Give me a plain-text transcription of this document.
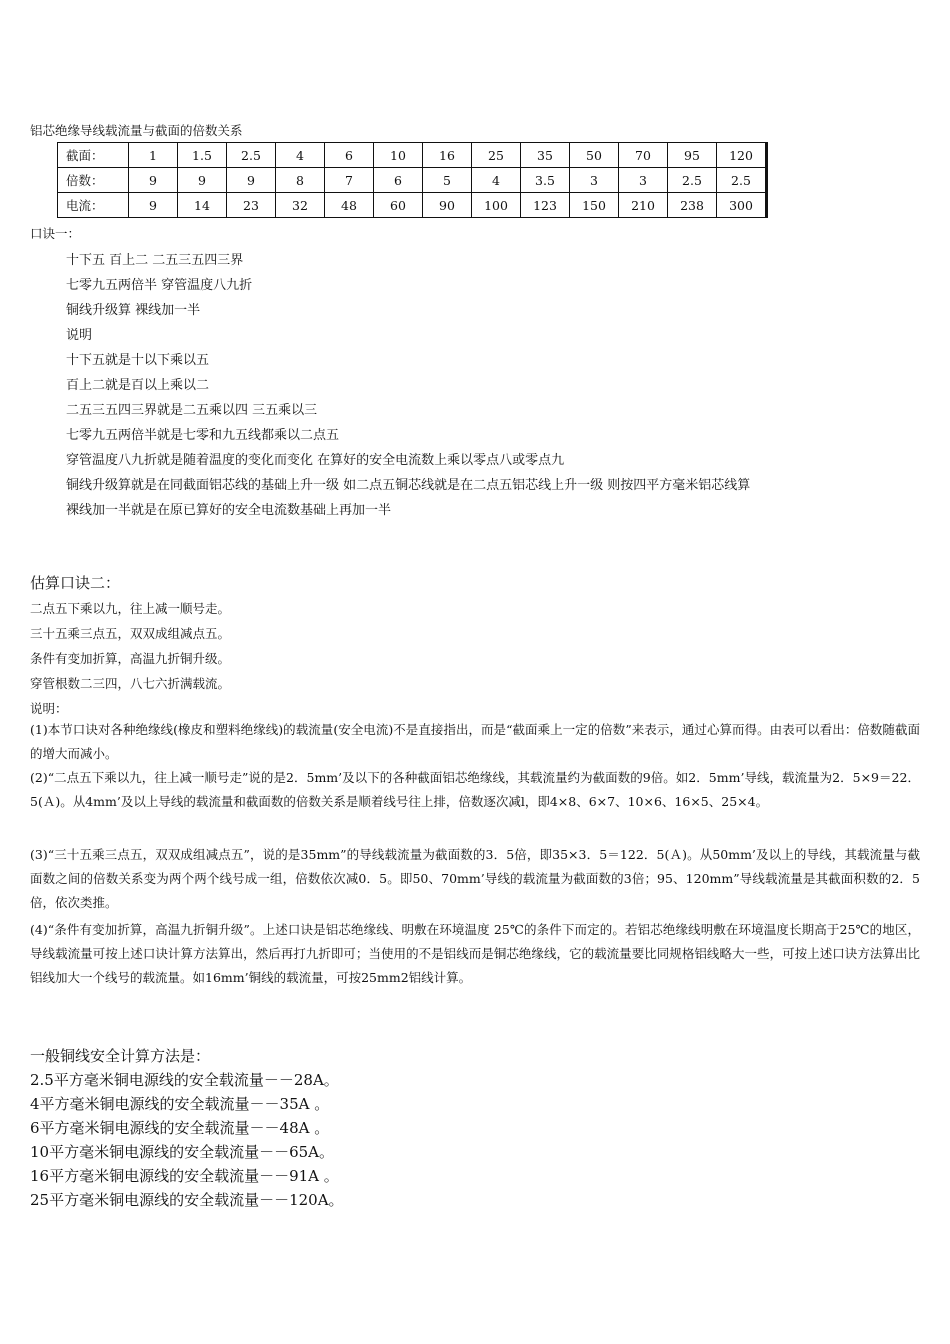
铝芯绝缘导线载流量与截面的倍数关系
截面：	1	1.5	2.5	4	6	10	16	25	35	50	70	95	120
倍数：	9	9	9	8	7	6	5	4	3.5	3	3	2.5	2.5
电流：	9	14	23	32	48	60	90	100	123	150	210	238	300
口诀一：
十下五 百上二 二五三五四三界
七零九五两倍半 穿管温度八九折
铜线升级算 裸线加一半
说明
十下五就是十以下乘以五
百上二就是百以上乘以二
二五三五四三界就是二五乘以四 三五乘以三
七零九五两倍半就是七零和九五线都乘以二点五
穿管温度八九折就是随着温度的变化而变化 在算好的安全电流数上乘以零点八或零点九
铜线升级算就是在同截面铝芯线的基础上升一级 如二点五铜芯线就是在二点五铝芯线上升一级 则按四平方毫米铝芯线算
裸线加一半就是在原已算好的安全电流数基础上再加一半
估算口诀二：
二点五下乘以九，往上减一顺号走。
三十五乘三点五，双双成组减点五。
条件有变加折算，高温九折铜升级。
穿管根数二三四，八七六折满载流。
说明：
(1)本节口诀对各种绝缘线(橡皮和塑料绝缘线)的载流量(安全电流)不是直接指出，而是“截面乘上一定的倍数”来表示，通过心算而得。由表可以看出：倍数随截面的增大而减小。
(2)“二点五下乘以九，往上减一顺号走”说的是2．5mm’及以下的各种截面铝芯绝缘线，其载流量约为截面数的9倍。如2．5mm’导线，载流量为2．5×9＝22．5(Ａ)。从4mm’及以上导线的载流量和截面数的倍数关系是顺着线号往上排，倍数逐次减l，即4×8、6×7、10×6、16×5、25×4。
(3)“三十五乘三点五，双双成组减点五”，说的是35mm”的导线载流量为截面数的3．5倍，即35×3．5＝122．5(Ａ)。从50mm’及以上的导线，其载流量与截面数之间的倍数关系变为两个两个线号成一组，倍数依次减0．5。即50、70mm’导线的载流量为截面数的3倍；95、120mm”导线载流量是其截面积数的2．5倍，依次类推。
(4)“条件有变加折算，高温九折铜升级”。上述口诀是铝芯绝缘线、明敷在环境温度 25℃的条件下而定的。若铝芯绝缘线明敷在环境温度长期高于25℃的地区，导线载流量可按上述口诀计算方法算出，然后再打九折即可；当使用的不是铝线而是铜芯绝缘线，它的载流量要比同规格铝线略大一些，可按上述口诀方法算出比铝线加大一个线号的载流量。如16mm’铜线的载流量，可按25mm2铝线计算。
一般铜线安全计算方法是：
2.5平方毫米铜电源线的安全载流量－－28A。
4平方毫米铜电源线的安全载流量－－35A 。
6平方毫米铜电源线的安全载流量－－48A 。
10平方毫米铜电源线的安全载流量－－65A。
16平方毫米铜电源线的安全载流量－－91A 。
25平方毫米铜电源线的安全载流量－－120A。
